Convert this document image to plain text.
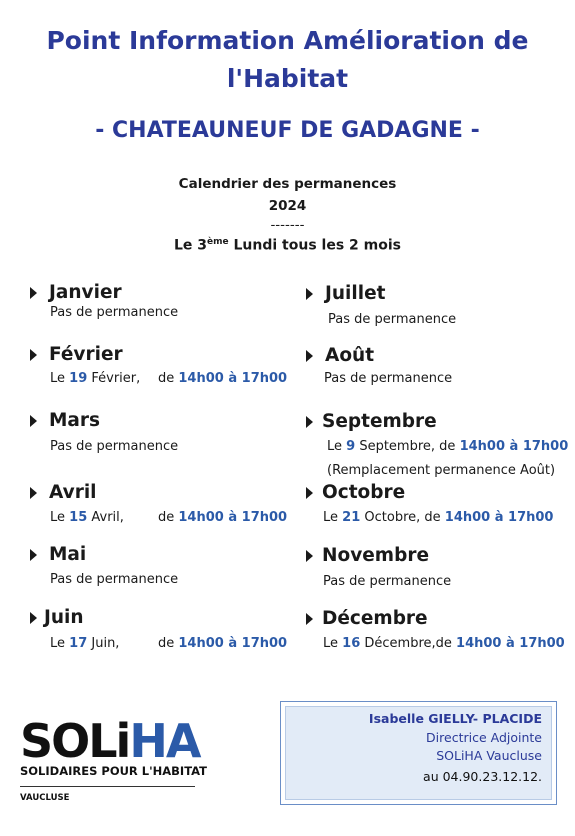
Point Information Amélioration de
l'Habitat
- CHATEAUNEUF DE GADAGNE -
Calendrier des permanences
2024
-------
Le 3ème Lundi tous les 2 mois
Janvier
Pas de permanence
Février
Le 19 Février, de 14h00 à 17h00
Mars
Pas de permanence
Avril
Le 15 Avril,	de 14h00 à 17h00
Mai
Pas de permanence
Juin
Le 17 Juin,	de 14h00 à 17h00
Juillet
Pas de permanence
Août
Pas de permanence
Septembre
Le 9 Septembre, de 14h00 à 17h00
(Remplacement permanence Août)
Octobre
Le 21 Octobre, de 14h00 à 17h00
Novembre
Pas de permanence
Décembre
Le 16 Décembre,de 14h00 à 17h00
SOLiHA
SOLIDAIRES POUR L'HABITAT
VAUCLUSE
Isabelle GIELLY- PLACIDE
Directrice Adjointe
SOLiHA Vaucluse
au 04.90.23.12.12.
